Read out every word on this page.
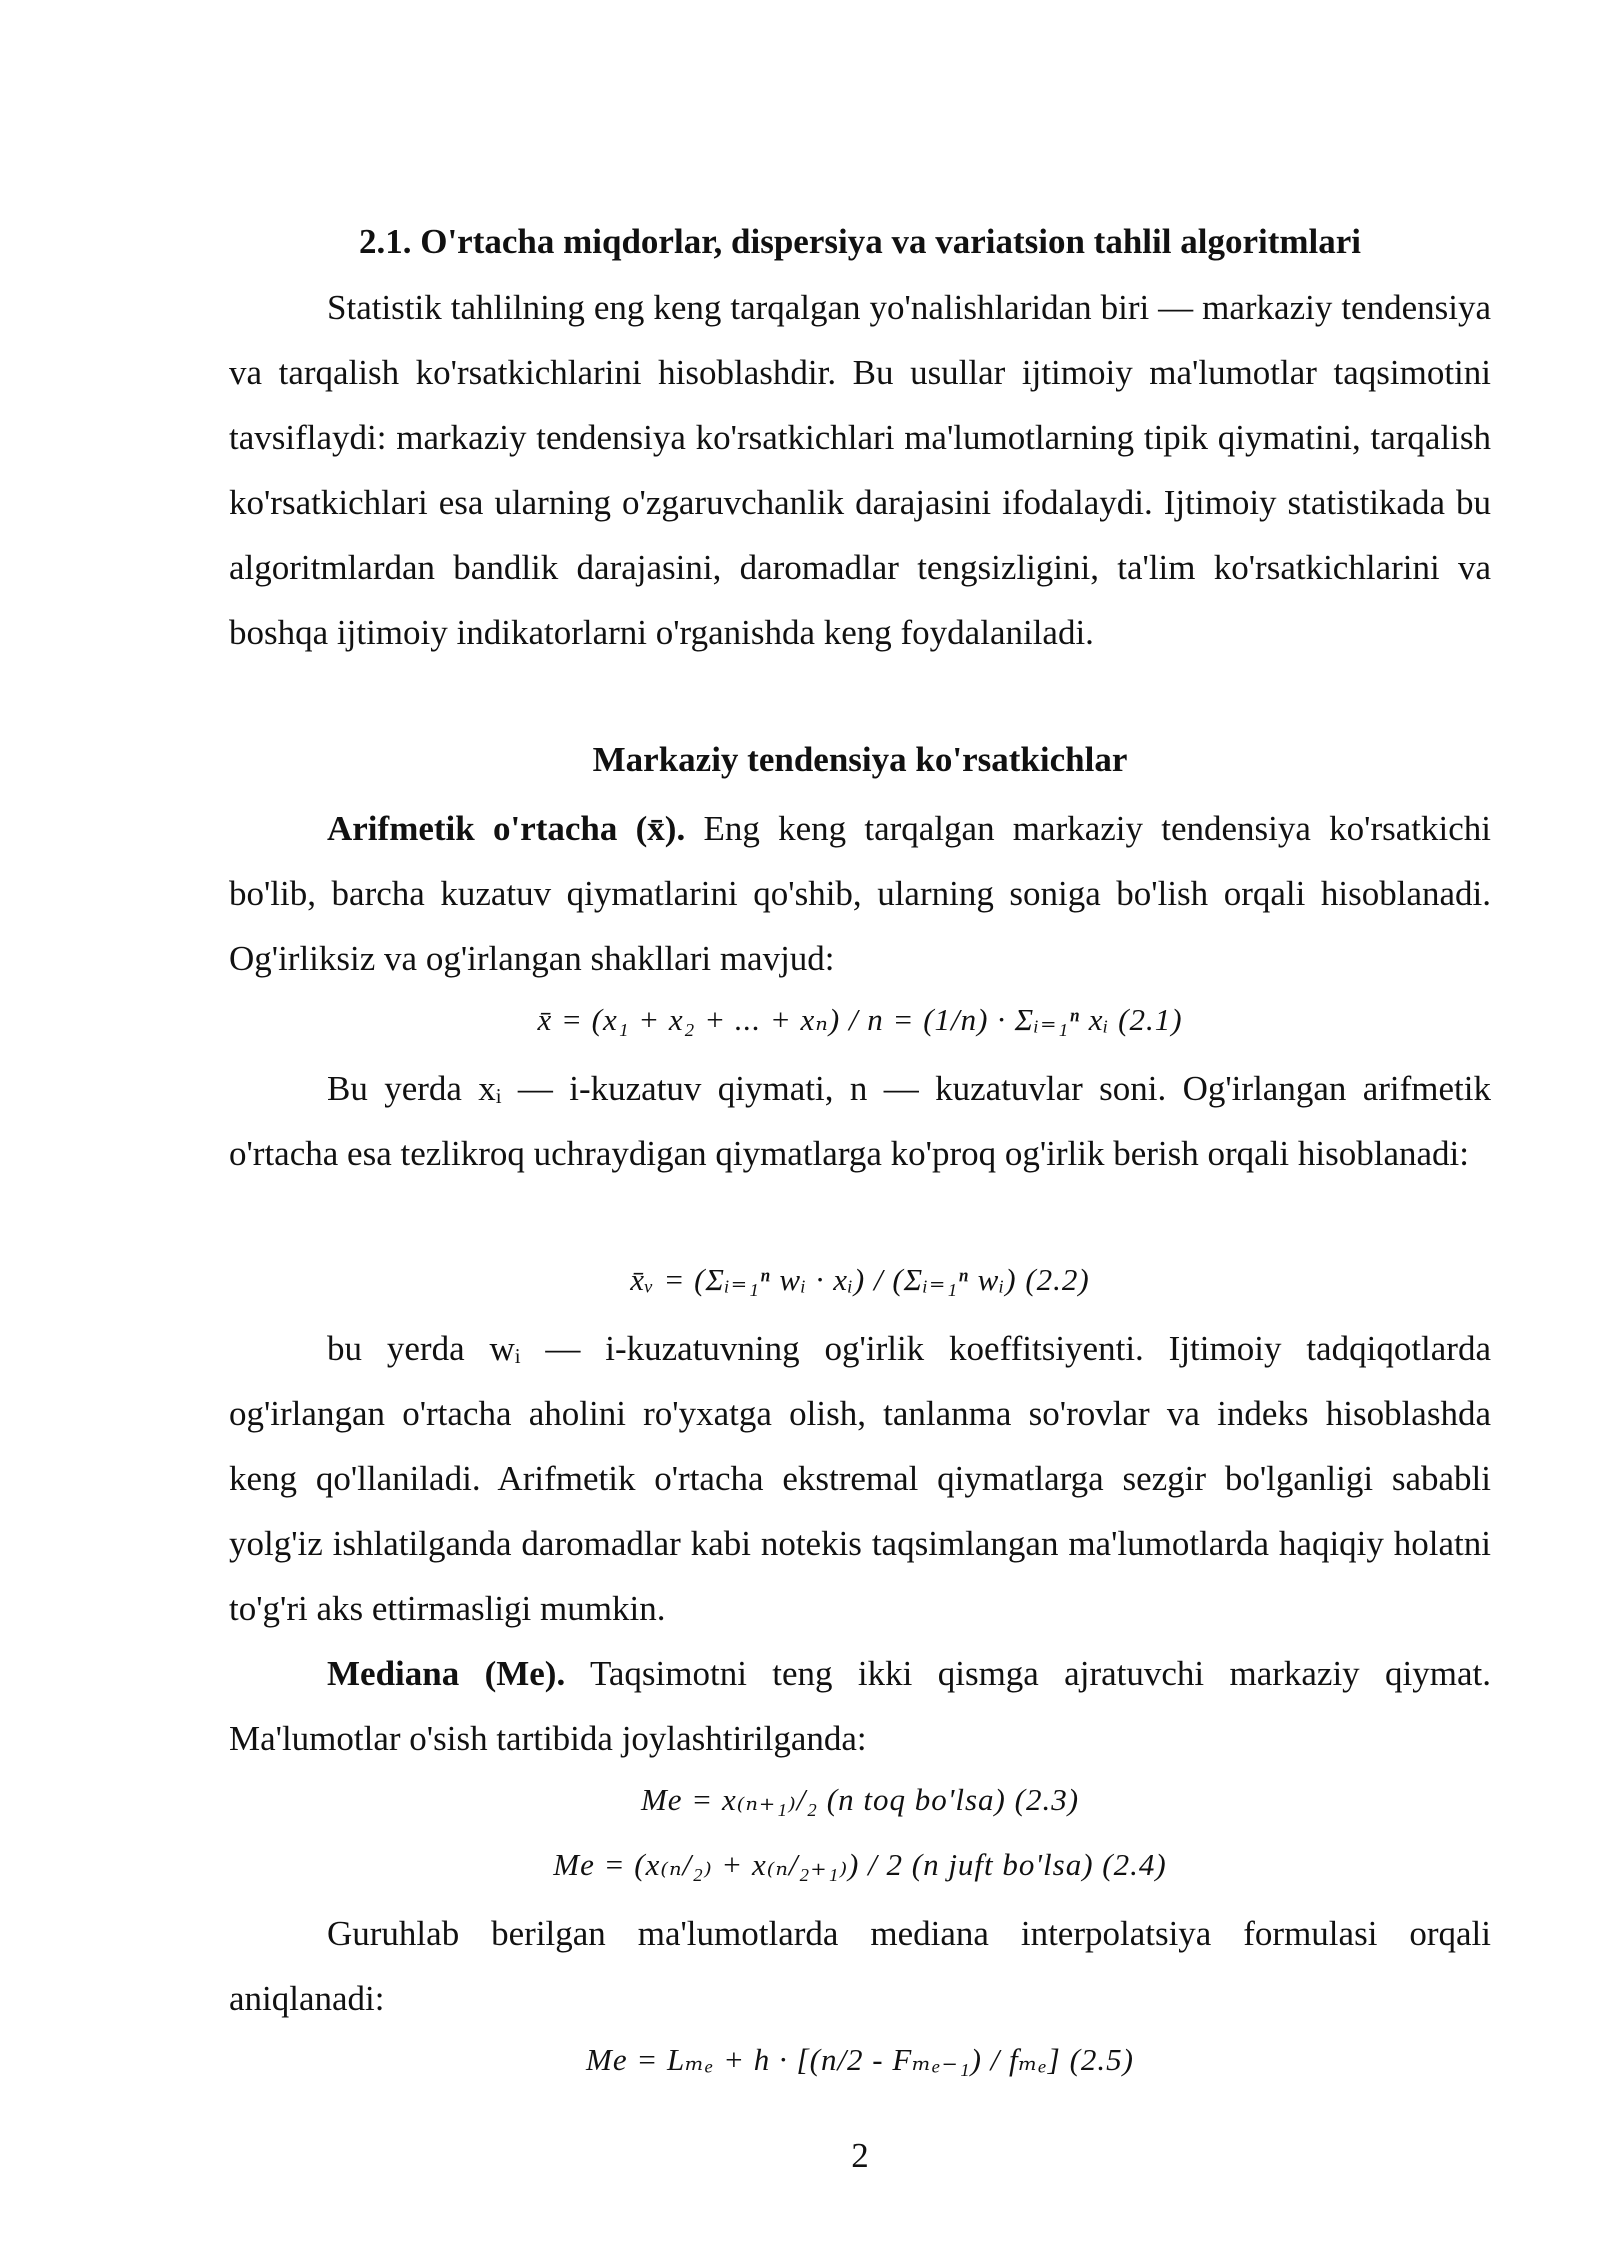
2.1. O'rtacha miqdorlar, dispersiya va variatsion tahlil algoritmlari

Statistik tahlilning eng keng tarqalgan yo'nalishlaridan biri — markaziy tendensiya va tarqalish ko'rsatkichlarini hisoblashdir. Bu usullar ijtimoiy ma'lumotlar taqsimotini tavsiflaydi: markaziy tendensiya ko'rsatkichlari ma'lumotlarning tipik qiymatini, tarqalish ko'rsatkichlari esa ularning o'zgaruvchanlik darajasini ifodalaydi. Ijtimoiy statistikada bu algoritmlardan bandlik darajasini, daromadlar tengsizligini, ta'lim ko'rsatkichlarini va boshqa ijtimoiy indikatorlarni o'rganishda keng foydalaniladi.

Markaziy tendensiya ko'rsatkichlar

Arifmetik o'rtacha (x̄). Eng keng tarqalgan markaziy tendensiya ko'rsatkichi bo'lib, barcha kuzatuv qiymatlarini qo'shib, ularning soniga bo'lish orqali hisoblanadi. Og'irliksiz va og'irlangan shakllari mavjud:

x̄ = (x₁ + x₂ + ... + xₙ) / n = (1/n) · Σᵢ₌₁ⁿ xᵢ (2.1)

Bu yerda xᵢ — i-kuzatuv qiymati, n — kuzatuvlar soni. Og'irlangan arifmetik o'rtacha esa tezlikroq uchraydigan qiymatlarga ko'proq og'irlik berish orqali hisoblanadi:

x̄ᵥ = (Σᵢ₌₁ⁿ wᵢ · xᵢ) / (Σᵢ₌₁ⁿ wᵢ) (2.2)

bu yerda wᵢ — i-kuzatuvning og'irlik koeffitsiyenti. Ijtimoiy tadqiqotlarda og'irlangan o'rtacha aholini ro'yxatga olish, tanlanma so'rovlar va indeks hisoblashda keng qo'llaniladi. Arifmetik o'rtacha ekstremal qiymatlarga sezgir bo'lganligi sababli yolg'iz ishlatilganda daromadlar kabi notekis taqsimlangan ma'lumotlarda haqiqiy holatni to'g'ri aks ettirmasligi mumkin.

Mediana (Me). Taqsimotni teng ikki qismga ajratuvchi markaziy qiymat. Ma'lumotlar o'sish tartibida joylashtirilganda:

Me = x₍ₙ₊₁₎/₂ (n toq bo'lsa) (2.3)
Me = (x₍ₙ/₂₎ + x₍ₙ/₂₊₁₎) / 2 (n juft bo'lsa) (2.4)

Guruhlab berilgan ma'lumotlarda mediana interpolatsiya formulasi orqali aniqlanadi:

Me = Lₘₑ + h · [(n/2 - Fₘₑ₋₁) / fₘₑ] (2.5)
2
